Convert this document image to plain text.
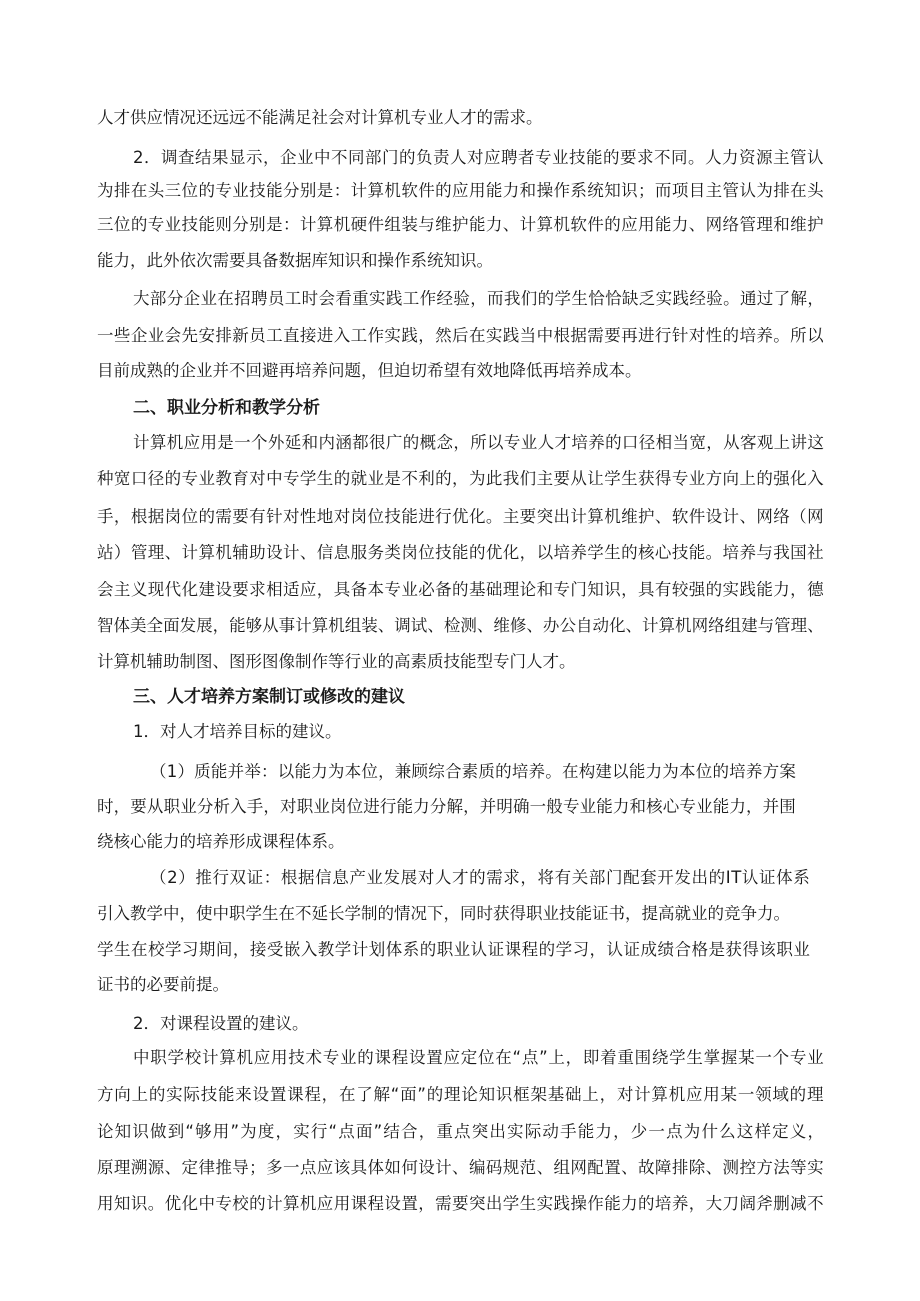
人才供应情况还远远不能满足社会对计算机专业人才的需求。

2 ． 调 查 结 果 显 示 ， 企 业 中 不 同 部 门 的 负 责 人 对 应 聘 者 专 业 技 能 的 要 求 不 同 。 人 力 资 源 主 管 认

为 排 在 头 三 位 的 专 业 技 能 分 别 是 ： 计 算 机 软 件 的 应 用 能 力 和 操 作 系 统 知 识 ； 而 项 目 主 管 认 为 排 在 头

三 位 的 专 业 技 能 则 分 别 是 ： 计 算 机 硬 件 组 装 与 维 护 能 力 、 计 算 机 软 件 的 应 用 能 力 、 网 络 管 理 和 维 护

能力，此外依次需要具备数据库知识和操作系统知识。

大 部 分 企 业 在 招 聘 员 工 时 会 看 重 实 践 工 作 经 验 ， 而 我 们 的 学 生 恰 恰 缺 乏 实 践 经 验 。 通 过 了 解 ，

一 些 企 业 会 先 安 排 新 员 工 直 接 进 入 工 作 实 践 ， 然 后 在 实 践 当 中 根 据 需 要 再 进 行 针 对 性 的 培 养 。 所 以

目前成熟的企业并不回避再培养问题，但迫切希望有效地降低再培养成本。

二、职业分析和教学分析

计 算 机 应 用 是 一 个 外 延 和 内 涵 都 很 广 的 概 念 ， 所 以 专 业 人 才 培 养 的 口 径 相 当 宽 ， 从 客 观 上 讲 这

种 宽 口 径 的 专 业 教 育 对 中 专 学 生 的 就 业 是 不 利 的 ， 为 此 我 们 主 要 从 让 学 生 获 得 专 业 方 向 上 的 强 化 入

手 ， 根 据 岗 位 的 需 要 有 针 对 性 地 对 岗 位 技 能 进 行 优 化 。 主 要 突 出 计 算 机 维 护 、 软 件 设 计 、 网 络 （ 网

站 ） 管 理 、 计 算 机 辅 助 设 计 、 信 息 服 务 类 岗 位 技 能 的 优 化 ， 以 培 养 学 生 的 核 心 技 能 。 培 养 与 我 国 社

会 主 义 现 代 化 建 设 要 求 相 适 应 ， 具 备 本 专 业 必 备 的 基 础 理 论 和 专 门 知 识 ， 具 有 较 强 的 实 践 能 力 ， 德

智 体 美 全 面 发 展 ， 能 够 从 事 计 算 机 组 装 、 调 试 、 检 测 、 维 修 、 办 公 自 动 化 、 计 算 机 网 络 组 建 与 管 理 、

计算机辅助制图、图形图像制作等行业的高素质技能型专门人才。

三、人才培养方案制订或修改的建议

1．对人才培养目标的建议。

（ 1 ） 质 能 并 举 ： 以 能 力 为 本 位 ， 兼 顾 综 合 素 质 的 培 养 。 在 构 建 以 能 力 为 本 位 的 培 养 方 案

时 ， 要 从 职 业 分 析 入 手 ， 对 职 业 岗 位 进 行 能 力 分 解 ， 并 明 确 一 般 专 业 能 力 和 核 心 专 业 能 力 ， 并 围

绕核心能力的培养形成课程体系。

（ 2 ） 推 行 双 证 ： 根 据 信 息 产 业 发 展 对 人 才 的 需 求 ， 将 有 关 部 门 配 套 开 发 出 的 I T 认 证 体 系

引入教学中，使中职学生在不延长学制的情况下，同时获得职业技能证书，提高就业的竞争力。

学 生 在 校 学 习 期 间 ， 接 受 嵌 入 教 学 计 划 体 系 的 职 业 认 证 课 程 的 学 习 ， 认 证 成 绩 合 格 是 获 得 该 职 业

证书的必要前提。

2．对课程设置的建议。

中 职 学 校 计 算 机 应 用 技 术 专 业 的 课 程 设 置 应 定 位 在 “ 点 ” 上 ， 即 着 重 围 绕 学 生 掌 握 某 一 个 专 业

方 向 上 的 实 际 技 能 来 设 置 课 程 ， 在 了 解 “ 面 ” 的 理 论 知 识 框 架 基 础 上 ， 对 计 算 机 应 用 某 一 领 域 的 理

论 知 识 做 到 “ 够 用 ” 为 度 ， 实 行 “ 点 面 ” 结 合 ， 重 点 突 出 实 际 动 手 能 力 ， 少 一 点 为 什 么 这 样 定 义 ，

原 理 溯 源 、 定 律 推 导 ； 多 一 点 应 该 具 体 如 何 设 计 、 编 码 规 范 、 组 网 配 置 、 故 障 排 除 、 测 控 方 法 等 实

用 知 识 。 优 化 中 专 校 的 计 算 机 应 用 课 程 设 置 ， 需 要 突 出 学 生 实 践 操 作 能 力 的 培 养 ， 大 刀 阔 斧 删 减 不
